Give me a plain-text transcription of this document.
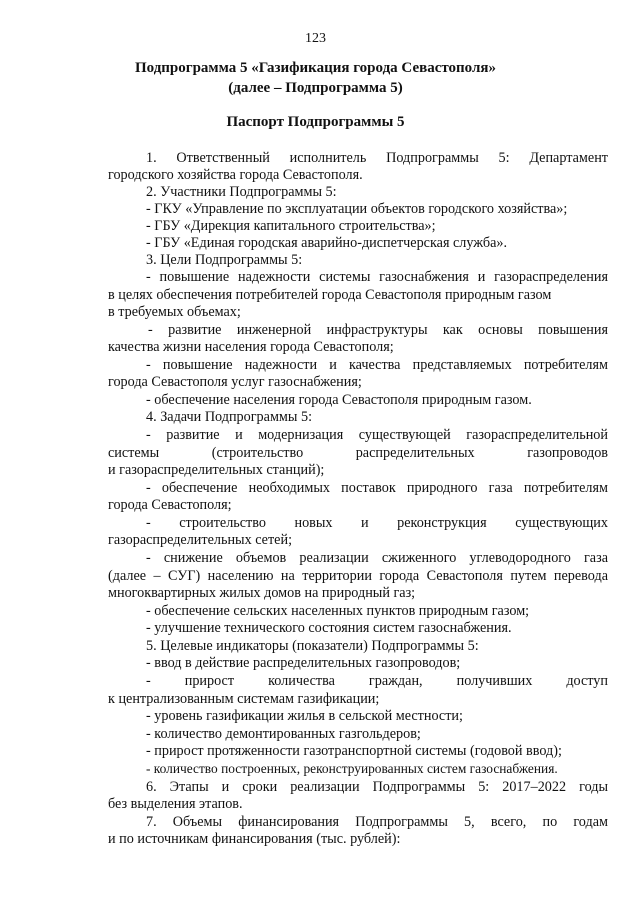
123
Подпрограмма 5 «Газификация города Севастополя»
(далее – Подпрограмма 5)
Паспорт Подпрограммы 5
1. Ответственный исполнитель Подпрограммы 5: Департамент
городского хозяйства города Севастополя.
2. Участники Подпрограммы 5:
- ГКУ «Управление по эксплуатации объектов городского хозяйства»;
- ГБУ «Дирекция капитального строительства»;
- ГБУ «Единая городская аварийно-диспетчерская служба».
3. Цели Подпрограммы 5:
- повышение надежности системы газоснабжения и газораспределения
в целях обеспечения потребителей города Севастополя природным газом
в требуемых объемах;
- развитие инженерной инфраструктуры как основы повышения
качества жизни населения города Севастополя;
- повышение надежности и качества представляемых потребителям
города Севастополя услуг газоснабжения;
- обеспечение населения города Севастополя природным газом.
4. Задачи Подпрограммы 5:
- развитие и модернизация существующей газораспределительной
системы (строительство распределительных газопроводов
и газораспределительных станций);
- обеспечение необходимых поставок природного газа потребителям
города Севастополя;
- строительство новых и реконструкция существующих
газораспределительных сетей;
- снижение объемов реализации сжиженного углеводородного газа
(далее – СУГ) населению на территории города Севастополя путем перевода
многоквартирных жилых домов на природный газ;
- обеспечение сельских населенных пунктов природным газом;
- улучшение технического состояния систем газоснабжения.
5. Целевые индикаторы (показатели) Подпрограммы 5:
- ввод в действие распределительных газопроводов;
- прирост количества граждан, получивших доступ
к централизованным системам газификации;
- уровень газификации жилья в сельской местности;
- количество демонтированных газгольдеров;
- прирост протяженности газотранспортной системы (годовой ввод);
- количество построенных, реконструированных систем газоснабжения.
6. Этапы и сроки реализации Подпрограммы 5: 2017–2022 годы
без выделения этапов.
7. Объемы финансирования Подпрограммы 5, всего, по годам
и по источникам финансирования (тыс. рублей):
